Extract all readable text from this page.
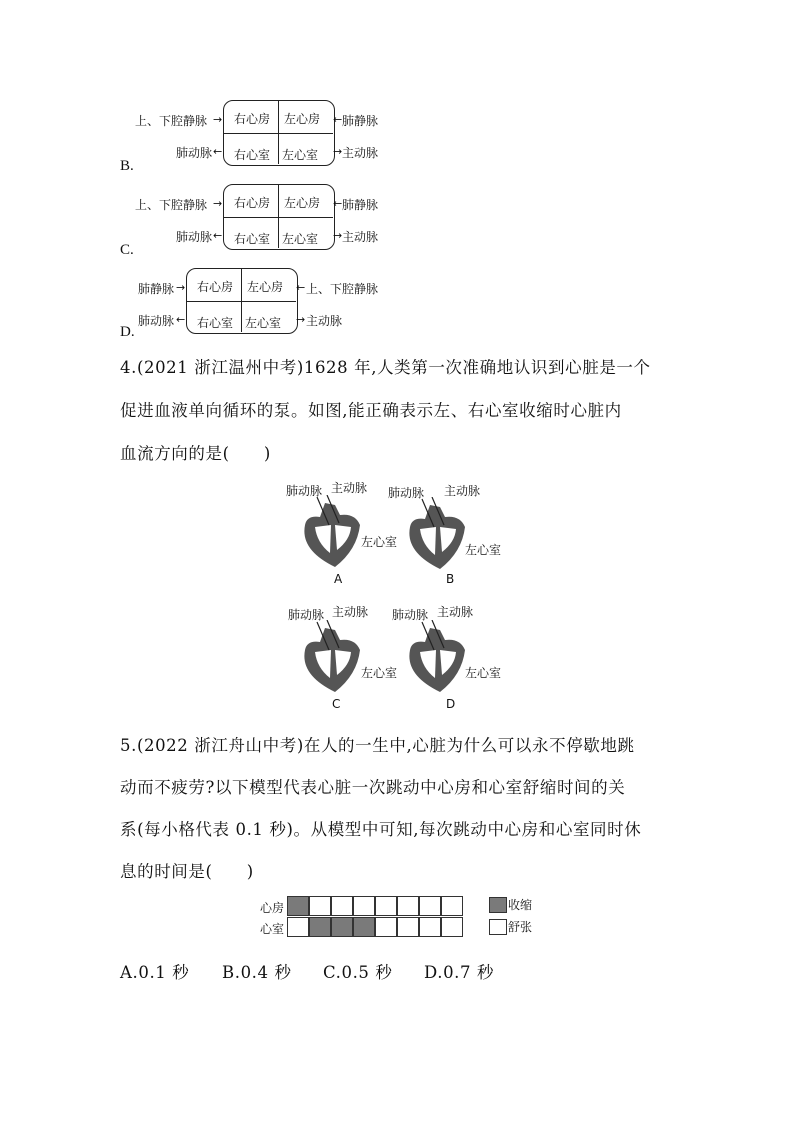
B.
上、下腔静脉	肺静脉
肺动脉	主动脉
右心房 左心房
右心室 左心室
→	←
←	→
C.
上、下腔静脉	肺静脉
肺动脉	主动脉
右心房 左心房
右心室 左心室
→	←
←	→
D.
肺静脉	上、下腔静脉
肺动脉	主动脉
右心房 左心房
右心室 左心室
→	←
←	→
4.(2021 浙江温州中考)1628 年,人类第一次准确地认识到心脏是一个
促进血液单向循环的泵。如图,能正确表示左、右心室收缩时心脏内
血流方向的是(　　)
肺动脉 主动脉
左心室
A
肺动脉 主动脉
左心室
B
肺动脉 主动脉
左心室
C
肺动脉 主动脉
左心室
D
5.(2022 浙江舟山中考)在人的一生中,心脏为什么可以永不停歇地跳
动而不疲劳?以下模型代表心脏一次跳动中心房和心室舒缩时间的关
系(每小格代表 0.1 秒)。从模型中可知,每次跳动中心房和心室同时休
息的时间是(　　)
心房
心室
收缩
舒张
A.0.1 秒 B.0.4 秒 C.0.5 秒 D.0.7 秒
